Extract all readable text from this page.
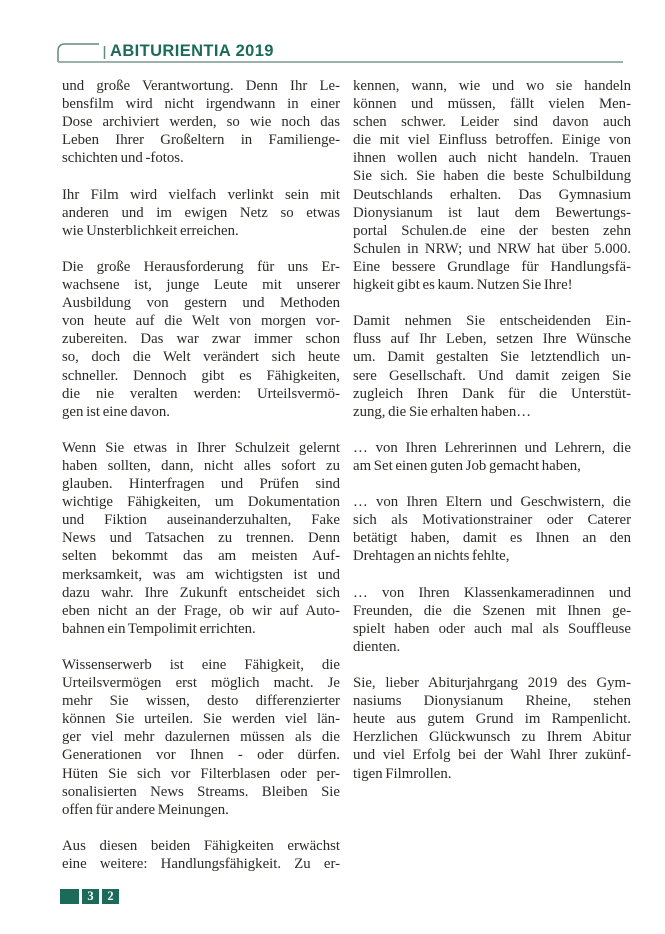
ABITURIENTIA 2019
und große Verantwortung. Denn Ihr Le-
bensfilm wird nicht irgendwann in einer
Dose archiviert werden, so wie noch das
Leben Ihrer Großeltern in Familienge-
schichten und -fotos.
Ihr Film wird vielfach verlinkt sein mit
anderen und im ewigen Netz so etwas
wie Unsterblichkeit erreichen.
Die große Herausforderung für uns Er-
wachsene ist, junge Leute mit unserer
Ausbildung von gestern und Methoden
von heute auf die Welt von morgen vor-
zubereiten. Das war zwar immer schon
so, doch die Welt verändert sich heute
schneller. Dennoch gibt es Fähigkeiten,
die nie veralten werden: Urteilsvermö-
gen ist eine davon.
Wenn Sie etwas in Ihrer Schulzeit gelernt
haben sollten, dann, nicht alles sofort zu
glauben. Hinterfragen und Prüfen sind
wichtige Fähigkeiten, um Dokumentation
und Fiktion auseinanderzuhalten, Fake
News und Tatsachen zu trennen. Denn
selten bekommt das am meisten Auf-
merksamkeit, was am wichtigsten ist und
dazu wahr. Ihre Zukunft entscheidet sich
eben nicht an der Frage, ob wir auf Auto-
bahnen ein Tempolimit errichten.
Wissenserwerb ist eine Fähigkeit, die
Urteilsvermögen erst möglich macht. Je
mehr Sie wissen, desto differenzierter
können Sie urteilen. Sie werden viel län-
ger viel mehr dazulernen müssen als die
Generationen vor Ihnen - oder dürfen.
Hüten Sie sich vor Filterblasen oder per-
sonalisierten News Streams. Bleiben Sie
offen für andere Meinungen.
Aus diesen beiden Fähigkeiten erwächst
eine weitere: Handlungsfähigkeit. Zu er-
kennen, wann, wie und wo sie handeln
können und müssen, fällt vielen Men-
schen schwer. Leider sind davon auch
die mit viel Einfluss betroffen. Einige von
ihnen wollen auch nicht handeln. Trauen
Sie sich. Sie haben die beste Schulbildung
Deutschlands erhalten. Das Gymnasium
Dionysianum ist laut dem Bewertungs-
portal Schulen.de eine der besten zehn
Schulen in NRW; und NRW hat über 5.000.
Eine bessere Grundlage für Handlungsfä-
higkeit gibt es kaum. Nutzen Sie Ihre!
Damit nehmen Sie entscheidenden Ein-
fluss auf Ihr Leben, setzen Ihre Wünsche
um. Damit gestalten Sie letztendlich un-
sere Gesellschaft. Und damit zeigen Sie
zugleich Ihren Dank für die Unterstüt-
zung, die Sie erhalten haben…
… von Ihren Lehrerinnen und Lehrern, die
am Set einen guten Job gemacht haben,
… von Ihren Eltern und Geschwistern, die
sich als Motivationstrainer oder Caterer
betätigt haben, damit es Ihnen an den
Drehtagen an nichts fehlte,
… von Ihren Klassenkameradinnen und
Freunden, die die Szenen mit Ihnen ge-
spielt haben oder auch mal als Souffleuse
dienten.
Sie, lieber Abiturjahrgang 2019 des Gym-
nasiums Dionysianum Rheine, stehen
heute aus gutem Grund im Rampenlicht.
Herzlichen Glückwunsch zu Ihrem Abitur
und viel Erfolg bei der Wahl Ihrer zukünf-
tigen Filmrollen.
3	2
